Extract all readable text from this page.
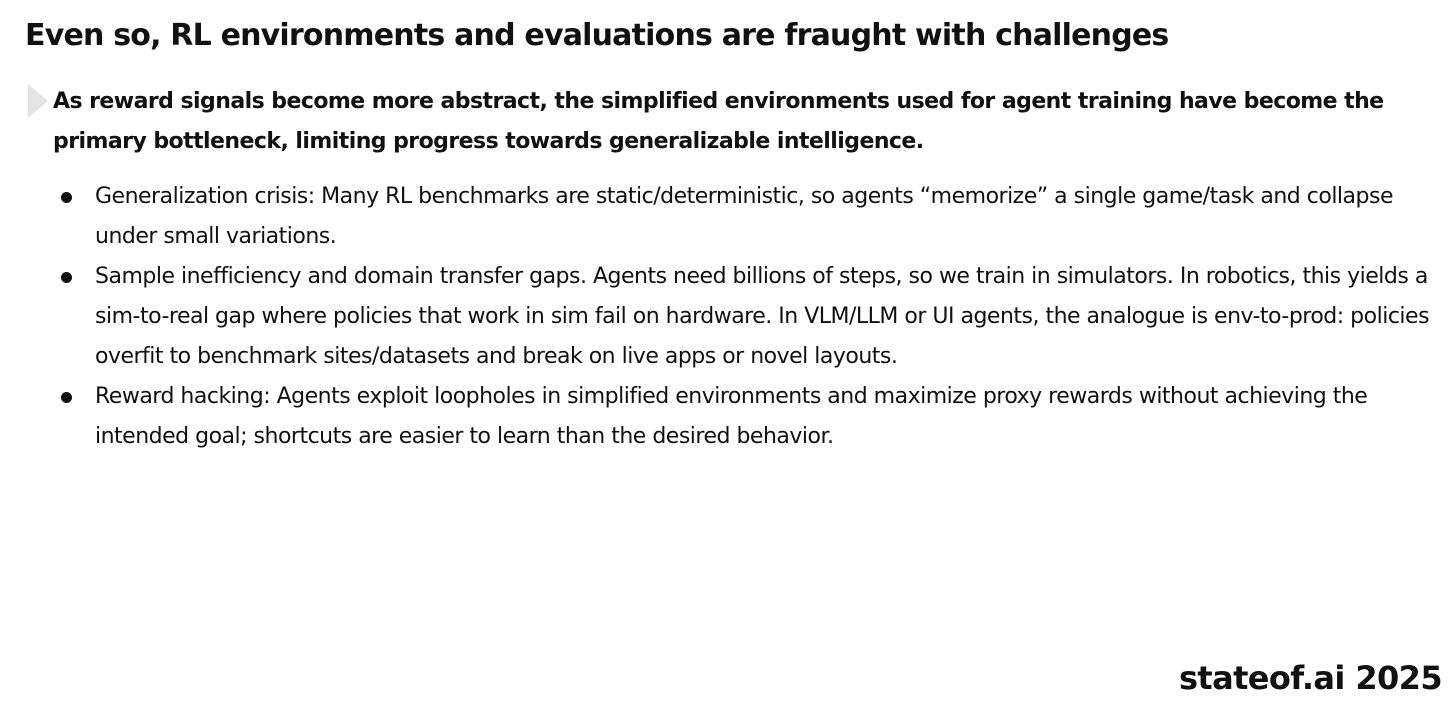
Even so, RL environments and evaluations are fraught with challenges

As reward signals become more abstract, the simplified environments used for agent training have become the primary bottleneck, limiting progress towards generalizable intelligence.

Generalization crisis: Many RL benchmarks are static/deterministic, so agents “memorize” a single game/task and collapse under small variations.
Sample inefficiency and domain transfer gaps. Agents need billions of steps, so we train in simulators. In robotics, this yields a sim-to-real gap where policies that work in sim fail on hardware. In VLM/LLM or UI agents, the analogue is env-to-prod: policies overfit to benchmark sites/datasets and break on live apps or novel layouts.
Reward hacking: Agents exploit loopholes in simplified environments and maximize proxy rewards without achieving the intended goal; shortcuts are easier to learn than the desired behavior.

stateof.ai 2025
